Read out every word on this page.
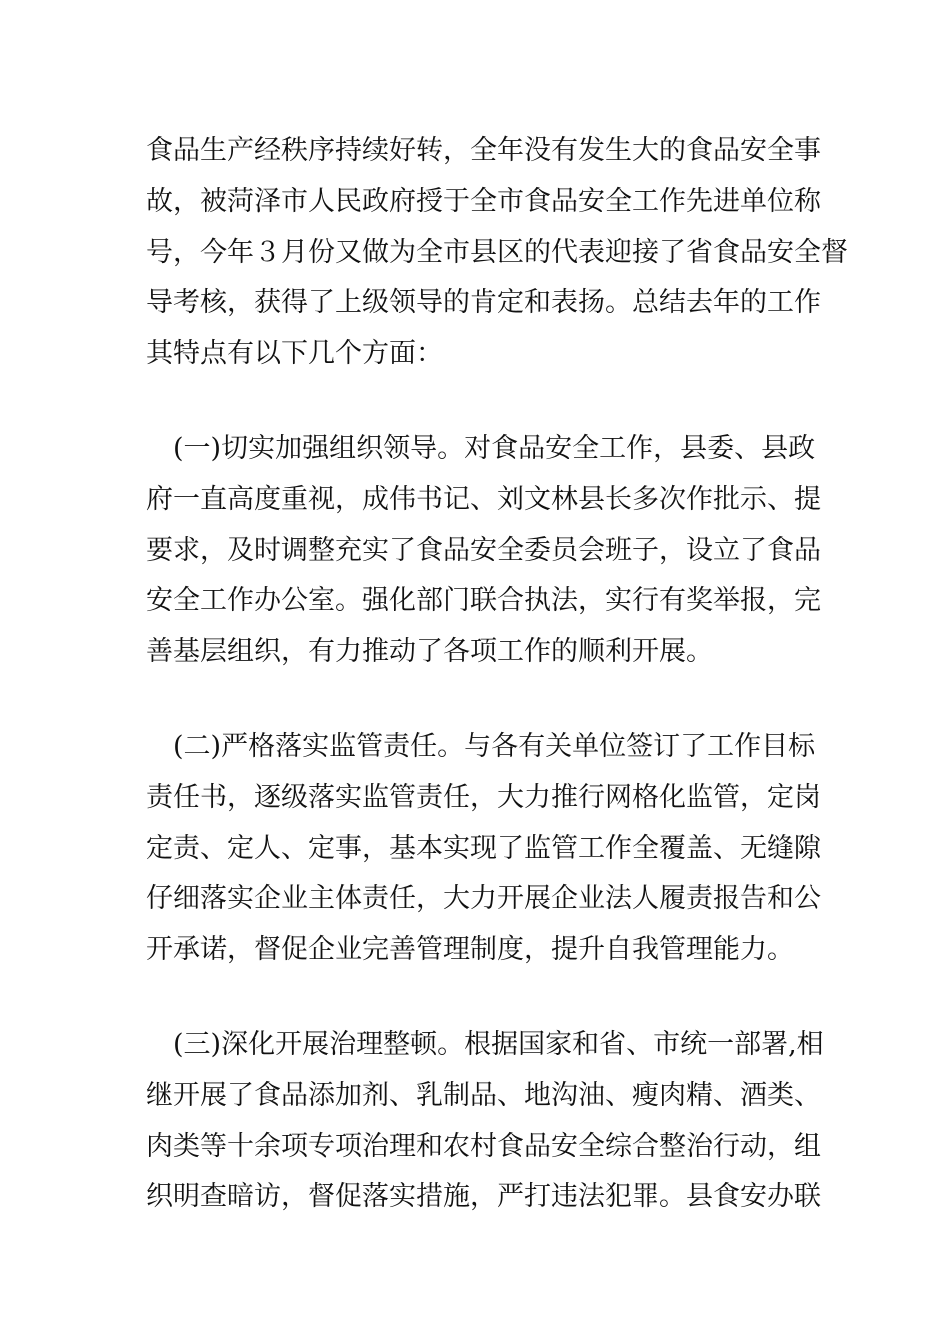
食品生产经秩序持续好转，全年没有发生大的食品安全事
故，被菏泽市人民政府授于全市食品安全工作先进单位称
号，今年３月份又做为全市县区的代表迎接了省食品安全督
导考核，获得了上级领导的肯定和表扬。总结去年的工作
其特点有以下几个方面：
　(一)切实加强组织领导。对食品安全工作，县委、县政
府一直高度重视，成伟书记、刘文林县长多次作批示、提
要求，及时调整充实了食品安全委员会班子，设立了食品
安全工作办公室。强化部门联合执法，实行有奖举报，完
善基层组织，有力推动了各项工作的顺利开展。
　(二)严格落实监管责任。与各有关单位签订了工作目标
责任书，逐级落实监管责任，大力推行网格化监管，定岗
定责、定人、定事，基本实现了监管工作全覆盖、无缝隙
仔细落实企业主体责任，大力开展企业法人履责报告和公
开承诺，督促企业完善管理制度，提升自我管理能力。
　(三)深化开展治理整顿。根据国家和省、市统一部署,相
继开展了食品添加剂、乳制品、地沟油、瘦肉精、酒类、
肉类等十余项专项治理和农村食品安全综合整治行动，组
织明查暗访，督促落实措施，严打违法犯罪。县食安办联
